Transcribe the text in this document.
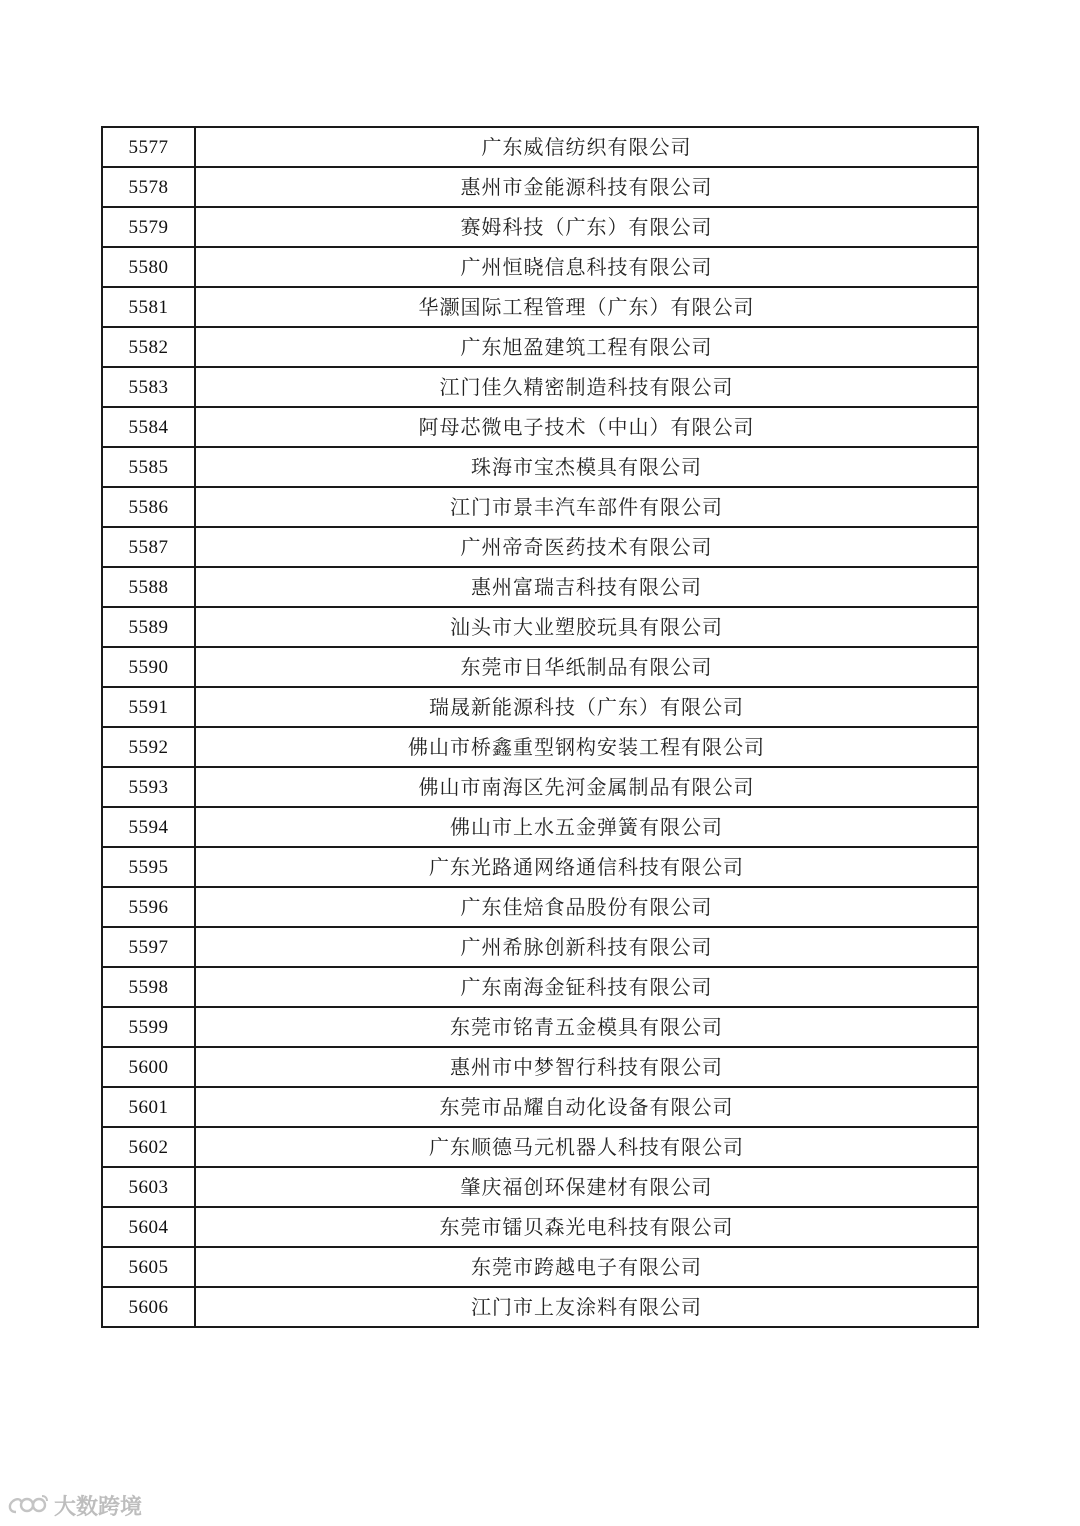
5577	广东威信纺织有限公司
5578	惠州市金能源科技有限公司
5579	赛姆科技（广东）有限公司
5580	广州恒晓信息科技有限公司
5581	华灏国际工程管理（广东）有限公司
5582	广东旭盈建筑工程有限公司
5583	江门佳久精密制造科技有限公司
5584	阿母芯微电子技术（中山）有限公司
5585	珠海市宝杰模具有限公司
5586	江门市景丰汽车部件有限公司
5587	广州帝奇医药技术有限公司
5588	惠州富瑞吉科技有限公司
5589	汕头市大业塑胶玩具有限公司
5590	东莞市日华纸制品有限公司
5591	瑞晟新能源科技（广东）有限公司
5592	佛山市桥鑫重型钢构安装工程有限公司
5593	佛山市南海区先河金属制品有限公司
5594	佛山市上水五金弹簧有限公司
5595	广东光路通网络通信科技有限公司
5596	广东佳焙食品股份有限公司
5597	广州希脉创新科技有限公司
5598	广东南海金钲科技有限公司
5599	东莞市铭青五金模具有限公司
5600	惠州市中梦智行科技有限公司
5601	东莞市品耀自动化设备有限公司
5602	广东顺德马元机器人科技有限公司
5603	肇庆福创环保建材有限公司
5604	东莞市镭贝森光电科技有限公司
5605	东莞市跨越电子有限公司
5606	江门市上友涂料有限公司
大数跨境
